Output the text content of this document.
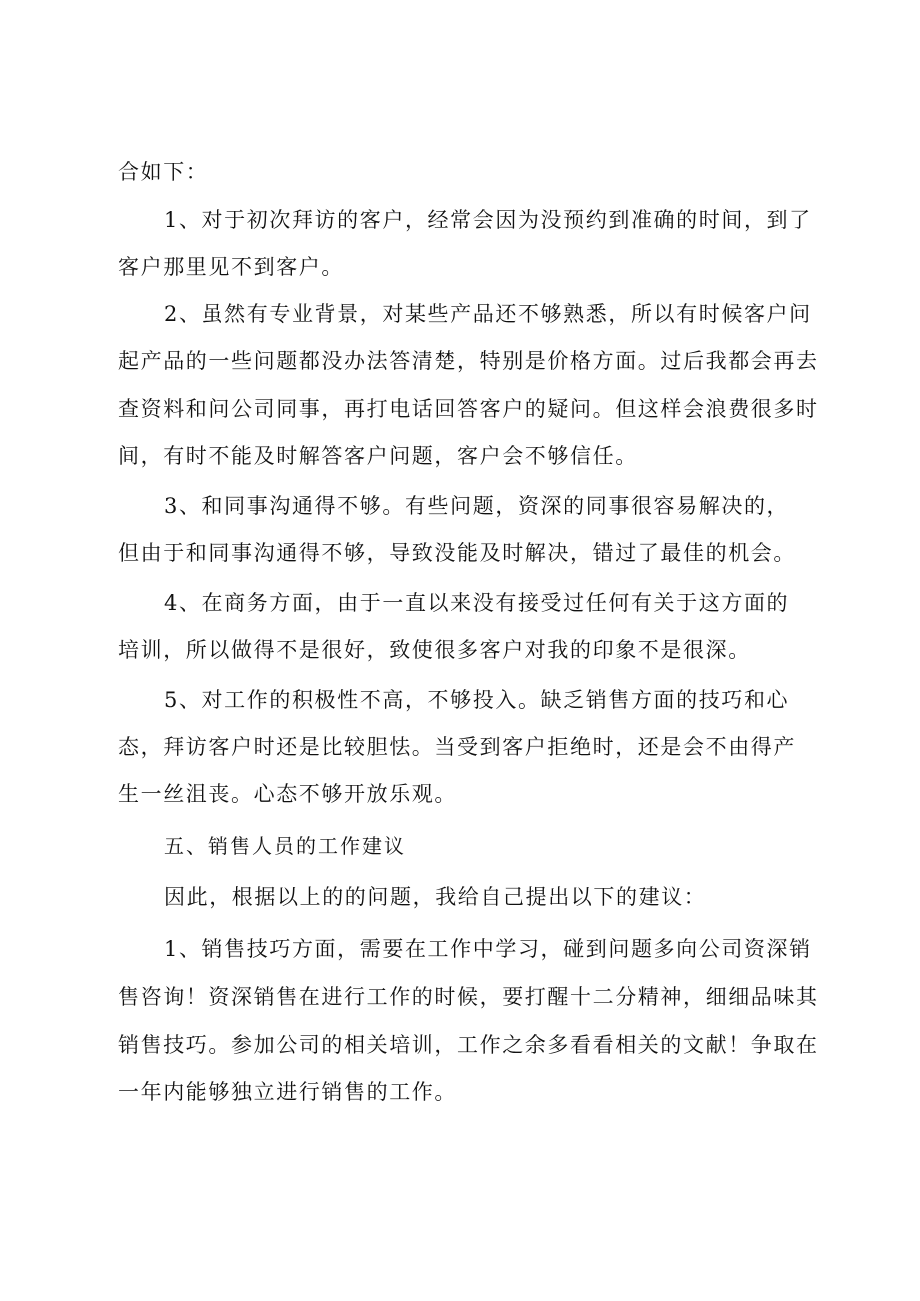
合如下：
1、对于初次拜访的客户，经常会因为没预约到准确的时间，到了
客户那里见不到客户。
2、虽然有专业背景，对某些产品还不够熟悉，所以有时候客户问
起产品的一些问题都没办法答清楚，特别是价格方面。过后我都会再去
查资料和问公司同事，再打电话回答客户的疑问。但这样会浪费很多时
间，有时不能及时解答客户问题，客户会不够信任。
3、和同事沟通得不够。有些问题，资深的同事很容易解决的，
但由于和同事沟通得不够，导致没能及时解决，错过了最佳的机会。
4、在商务方面，由于一直以来没有接受过任何有关于这方面的
培训，所以做得不是很好，致使很多客户对我的印象不是很深。
5、对工作的积极性不高，不够投入。缺乏销售方面的技巧和心
态，拜访客户时还是比较胆怯。当受到客户拒绝时，还是会不由得产
生一丝沮丧。心态不够开放乐观。
五、销售人员的工作建议
因此，根据以上的的问题，我给自己提出以下的建议：
1、销售技巧方面，需要在工作中学习，碰到问题多向公司资深销
售咨询！资深销售在进行工作的时候，要打醒十二分精神，细细品味其
销售技巧。参加公司的相关培训，工作之余多看看相关的文献！争取在
一年内能够独立进行销售的工作。
